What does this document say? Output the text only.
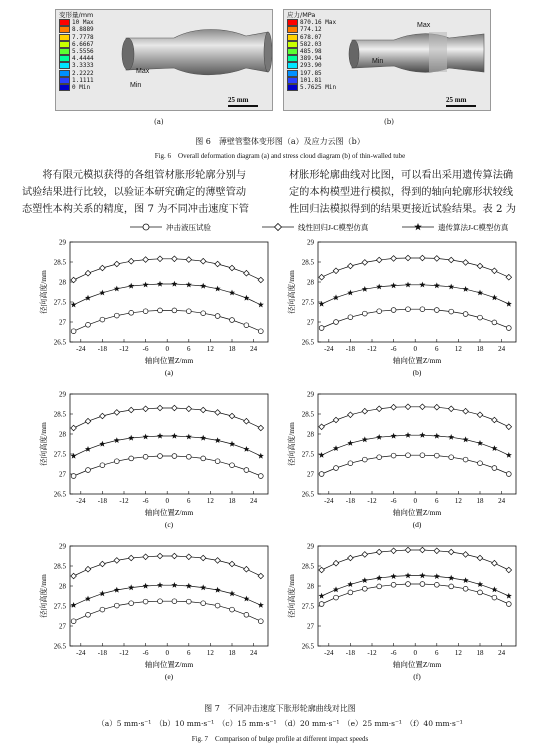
变形量/mm
10 Max
8.8889
7.7778
6.6667
5.5556
4.4444
3.3333
2.2222
1.1111
0 Min
Max
Min
25 mm
(a)
应力/MPa
870.16 Max
774.12
678.07
582.03
485.98
389.94
293.90
197.85
101.81
5.7625 Min
Max
Min
25 mm
(b)
图 6　薄壁管整体变形图（a）及应力云图（b）
Fig. 6　Overall deformation diagram (a) and stress cloud diagram (b) of thin-walled tube
　　将有限元模拟获得的各组管材胀形轮廓分别与
试验结果进行比较，以验证本研究确定的薄壁管动
态塑性本构关系的精度，图 7 为不同冲击速度下管
材胀形轮廓曲线对比图，可以看出采用遗传算法确
定的本构模型进行模拟，得到的轴向轮廓形状较线
性回归法模拟得到的结果更接近试验结果。表 2 为
冲击液压试验	线性回归J-C模型仿真	遗传算法J-C模型仿真
26.5
27
27.5
28
28.5
29
-24 -18 -12 -6 0	6 12 18 24
轴向位置Z/mm
径向高度/mm
(a)
26.5
27
27.5
28
28.5
29
-24 -18 -12 -6 0	6 12 18 24
轴向位置Z/mm
径向高度/mm
(b)
26.5
27
27.5
28
28.5
29
-24 -18 -12 -6 0	6 12 18 24
轴向位置Z/mm
径向高度/mm
(c)
26.5
27
27.5
28
28.5
29
-24 -18 -12 -6 0	6 12 18 24
轴向位置Z/mm
径向高度/mm
(d)
26.5
27
27.5
28
28.5
29
-24 -18 -12 -6 0	6 12 18 24
轴向位置Z/mm
径向高度/mm
(e)
26.5
27
27.5
28
28.5
29
-24 -18 -12 -6 0	6 12 18 24
轴向位置Z/mm
径向高度/mm
(f)
图 7　不同冲击速度下胀形轮廓曲线对比图
（a）5 mm·s⁻¹　（b）10 mm·s⁻¹　（c）15 mm·s⁻¹　（d）20 mm·s⁻¹　（e）25 mm·s⁻¹　（f）40 mm·s⁻¹
Fig. 7　Comparison of bulge profile at different impact speeds
